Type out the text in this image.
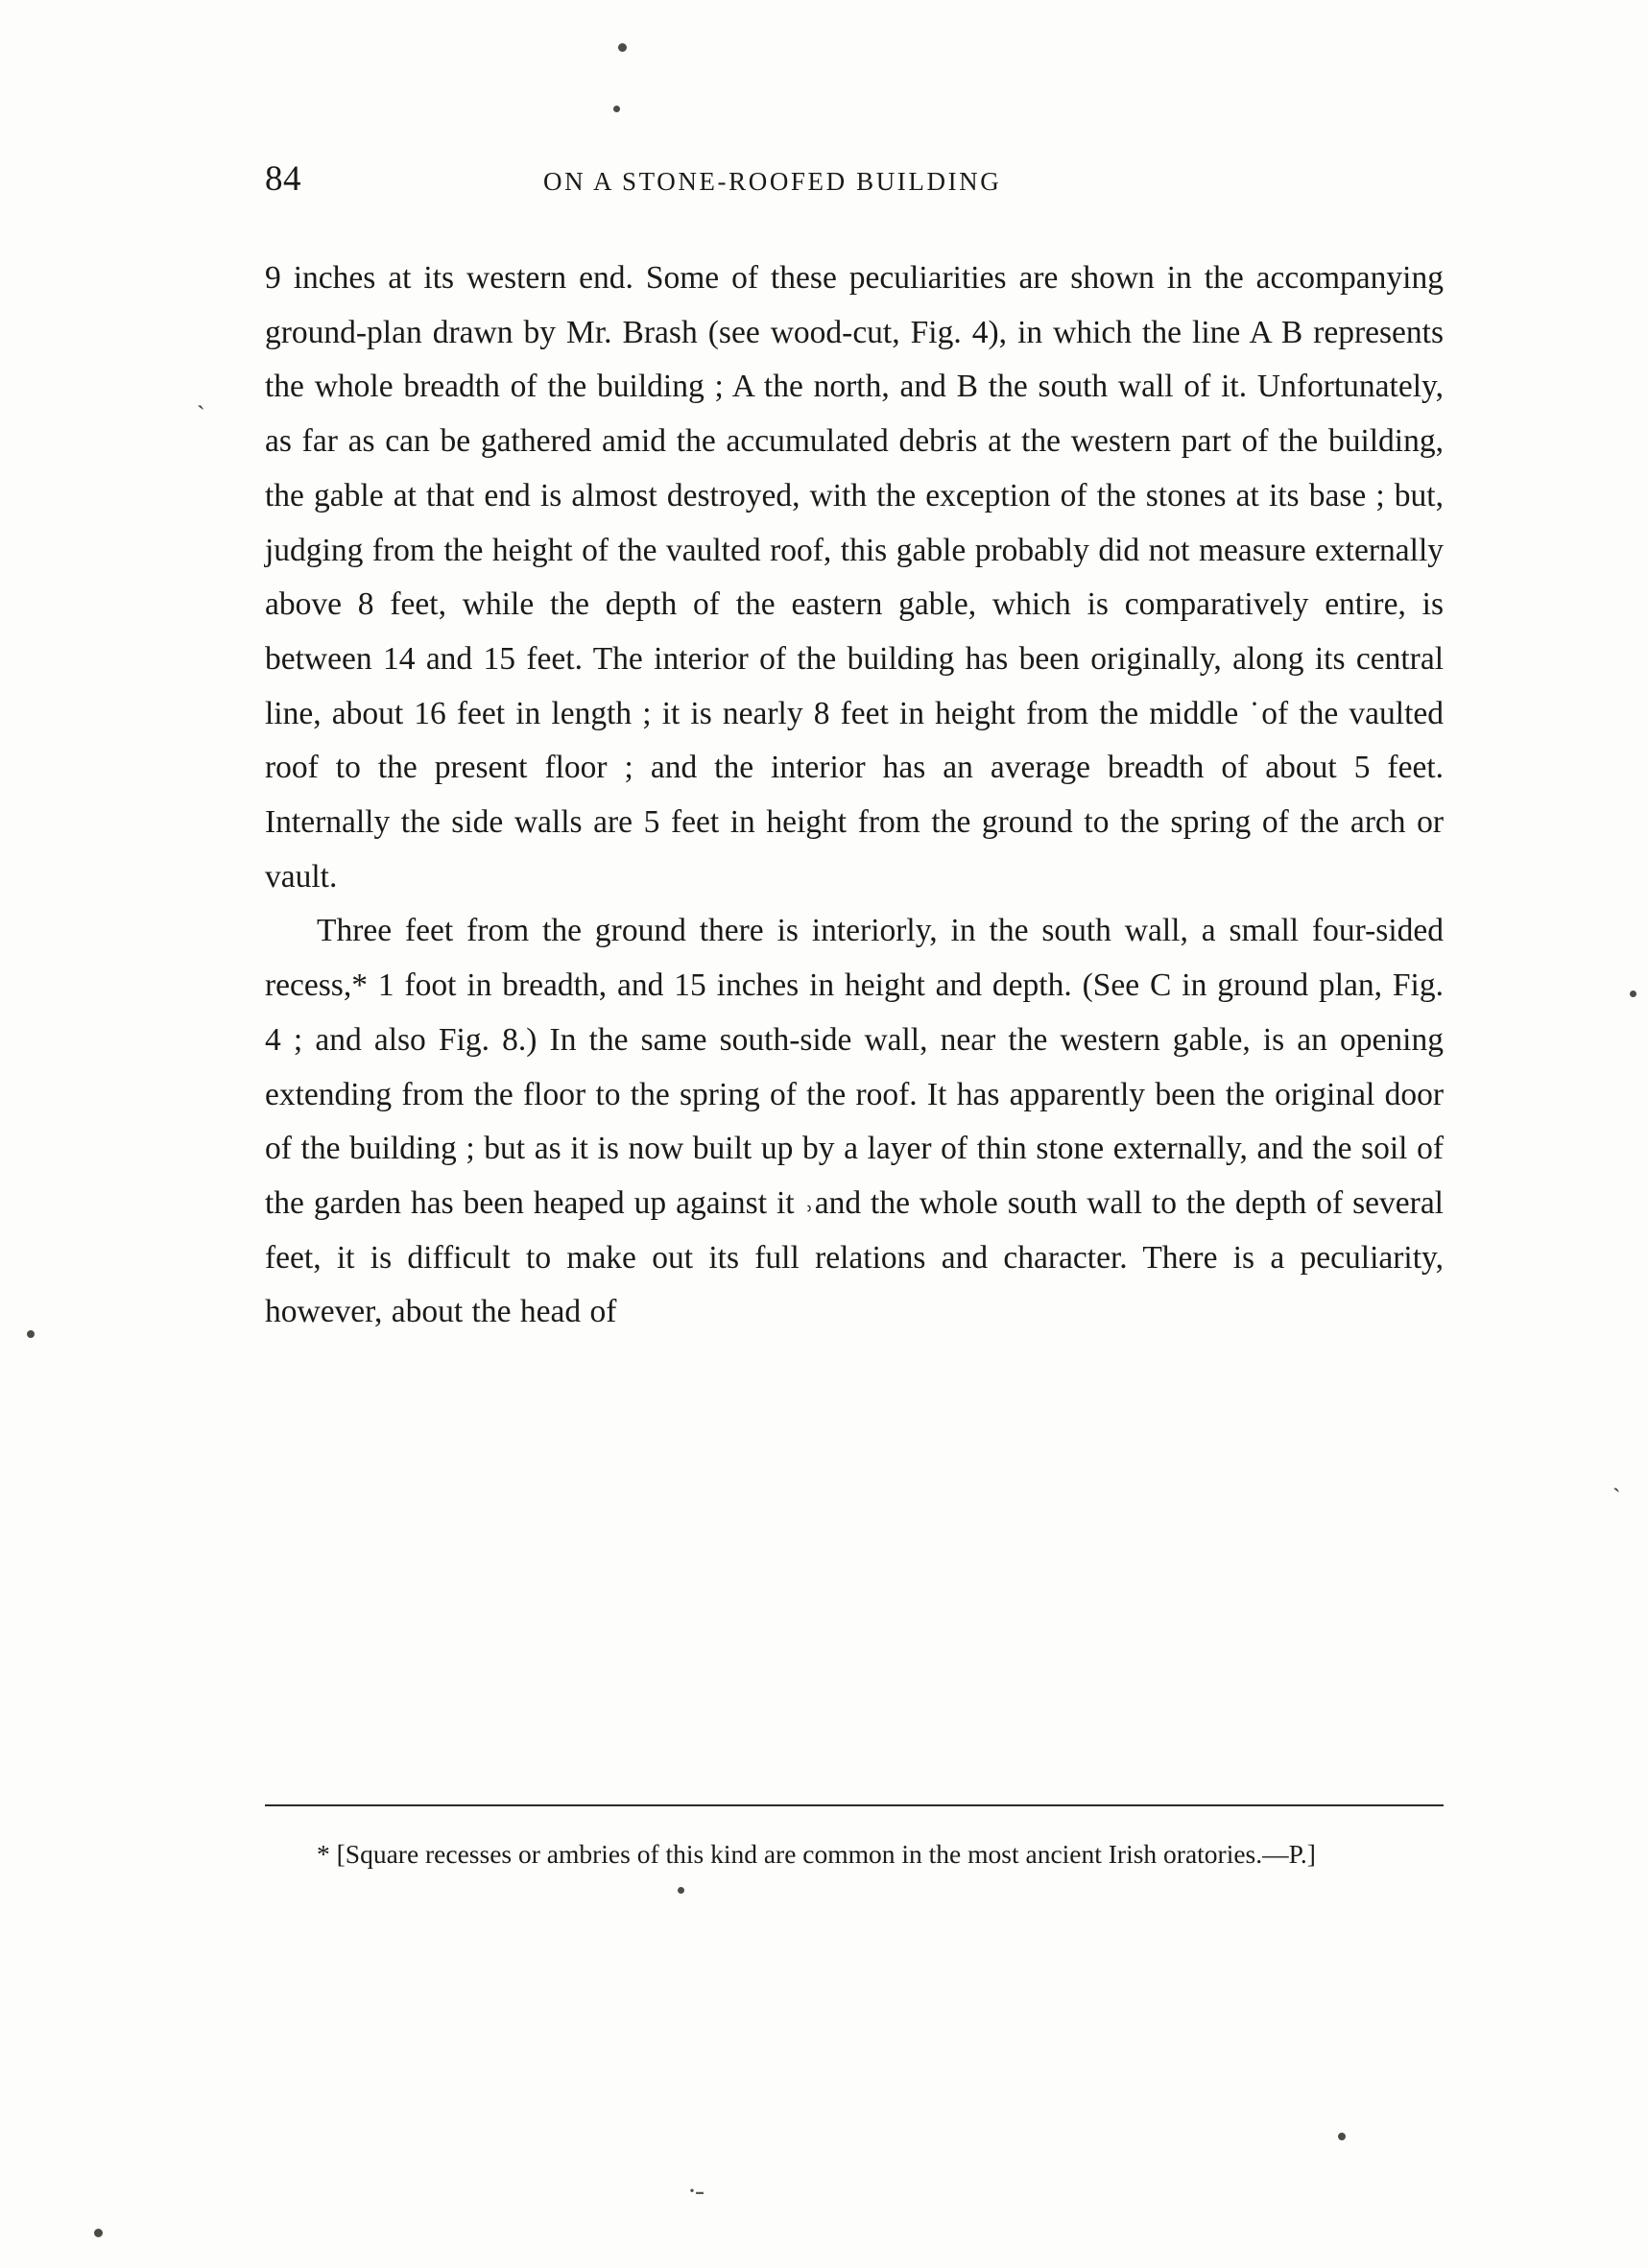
84	ON A STONE-ROOFED BUILDING

9 inches at its western end. Some of these peculiarities are shown in the accompanying ground-plan drawn by Mr. Brash (see wood-cut, Fig. 4), in which the line A B represents the whole breadth of the building ; A the north, and B the south wall of it. Unfortunately, as far as can be gathered amid the accumulated debris at the western part of the building, the gable at that end is almost destroyed, with the exception of the stones at its base ; but, judging from the height of the vaulted roof, this gable probably did not measure externally above 8 feet, while the depth of the eastern gable, which is comparatively entire, is between 14 and 15 feet. The interior of the building has been originally, along its central line, about 16 feet in length ; it is nearly 8 feet in height from the middle ˙of the vaulted roof to the present floor ; and the interior has an average breadth of about 5 feet. Internally the side walls are 5 feet in height from the ground to the spring of the arch or vault.

Three feet from the ground there is interiorly, in the south wall, a small four-sided recess,* 1 foot in breadth, and 15 inches in height and depth. (See C in ground plan, Fig. 4 ; and also Fig. 8.) In the same south-side wall, near the western gable, is an opening extending from the floor to the spring of the roof. It has apparently been the original door of the building ; but as it is now built up by a layer of thin stone externally, and the soil of the garden has been heaped up against it ˒and the whole south wall to the depth of several feet, it is difficult to make out its full relations and character. There is a peculiarity, however, about the head of

* [Square recesses or ambries of this kind are common in the most ancient Irish oratories.—P.]
ˏ
ˎ
·-
